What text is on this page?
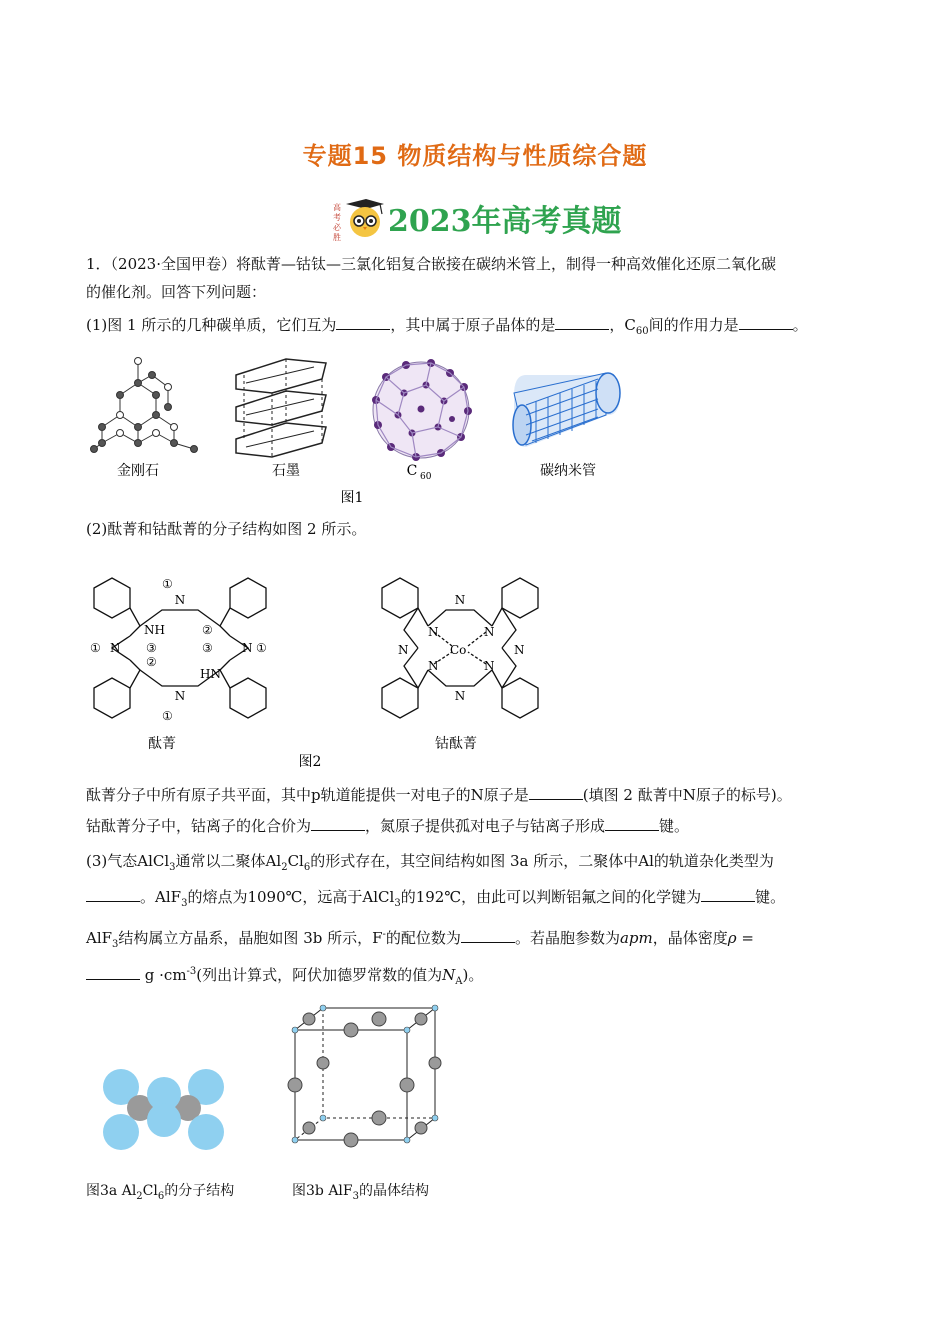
专题15 物质结构与性质综合题
高
考
必
胜 2023年高考真题
1．（2023·全国甲卷）将酞菁—钴钛—三氯化铝复合嵌接在碳纳米管上，制得一种高效催化还原二氧化碳
的催化剂。回答下列问题：
(1)图 1 所示的几种碳单质，它们互为	，其中属于原子晶体的是	，$C_{60}$间的作用力是	。
金刚石	石墨	C 60	碳纳米管
图1
(2)酞菁和钴酞菁的分子结构如图 2 所示。
N
①
NH
③
②
②
③
HN
① N	N ①
N
①
N
N	N
N	Co	N
N	N
N
酞菁	钴酞菁
图2
酞菁分子中所有原子共平面，其中p轨道能提供一对电子的N原子是	(填图 2 酞菁中N原子的标号)。
钴酞菁分子中，钴离子的化合价为	，氮原子提供孤对电子与钴离子形成	键。
(3)气态AlCl$_3$通常以二聚体$Al_2Cl_6$的形式存在，其空间结构如图 3a 所示，二聚体中Al的轨道杂化类型为
。AlF$_3$的熔点为1090℃，远高于AlCl$_3$的192℃，由此可以判断铝氟之间的化学键为	键。
AlF$_3$结构属立方晶系，晶胞如图 3b 所示，F-的配位数为	。若晶胞参数为apm，晶体密度ρ =
$g \cdot cm^{-3}$(列出计算式，阿伏加德罗常数的值为$N_A$)。
图3a $Al_2Cl_6$的分子结构	图3b AlF$_3$的晶体结构
